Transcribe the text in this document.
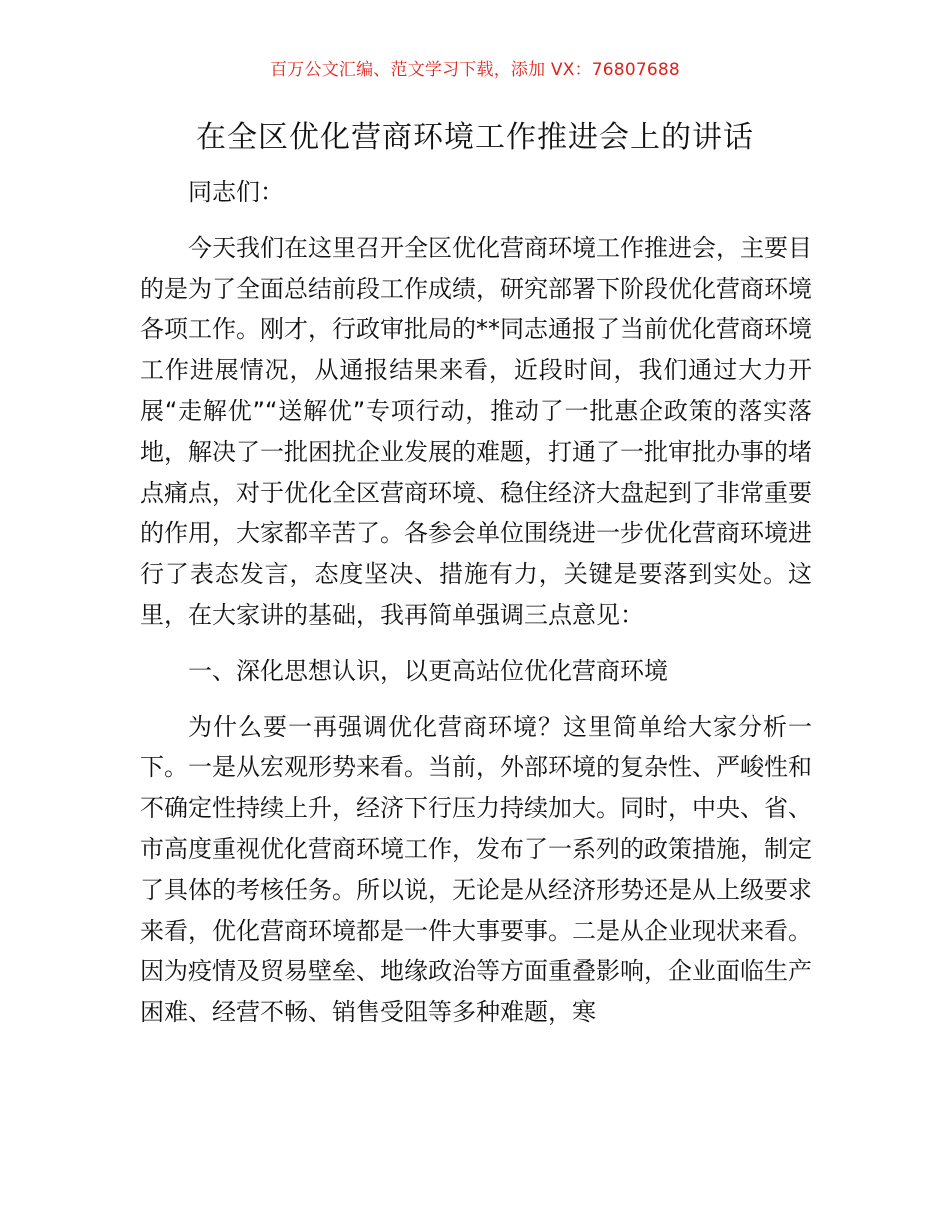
百万公文汇编、范文学习下载，添加 VX：76807688
在全区优化营商环境工作推进会上的讲话

同志们：

今天我们在这里召开全区优化营商环境工作推进会，主要目的是为了全面总结前段工作成绩，研究部署下阶段优化营商环境各项工作。刚才，行政审批局的**同志通报了当前优化营商环境工作进展情况，从通报结果来看，近段时间，我们通过大力开展“走解优”“送解优”专项行动，推动了一批惠企政策的落实落地，解决了一批困扰企业发展的难题，打通了一批审批办事的堵点痛点，对于优化全区营商环境、稳住经济大盘起到了非常重要的作用，大家都辛苦了。各参会单位围绕进一步优化营商环境进行了表态发言，态度坚决、措施有力，关键是要落到实处。这里，在大家讲的基础，我再简单强调三点意见：

一、深化思想认识，以更高站位优化营商环境

为什么要一再强调优化营商环境？这里简单给大家分析一下。一是从宏观形势来看。当前，外部环境的复杂性、严峻性和不确定性持续上升，经济下行压力持续加大。同时，中央、省、市高度重视优化营商环境工作，发布了一系列的政策措施，制定了具体的考核任务。所以说，无论是从经济形势还是从上级要求来看，优化营商环境都是一件大事要事。二是从企业现状来看。因为疫情及贸易壁垒、地缘政治等方面重叠影响，企业面临生产困难、经营不畅、销售受阻等多种难题，寒
